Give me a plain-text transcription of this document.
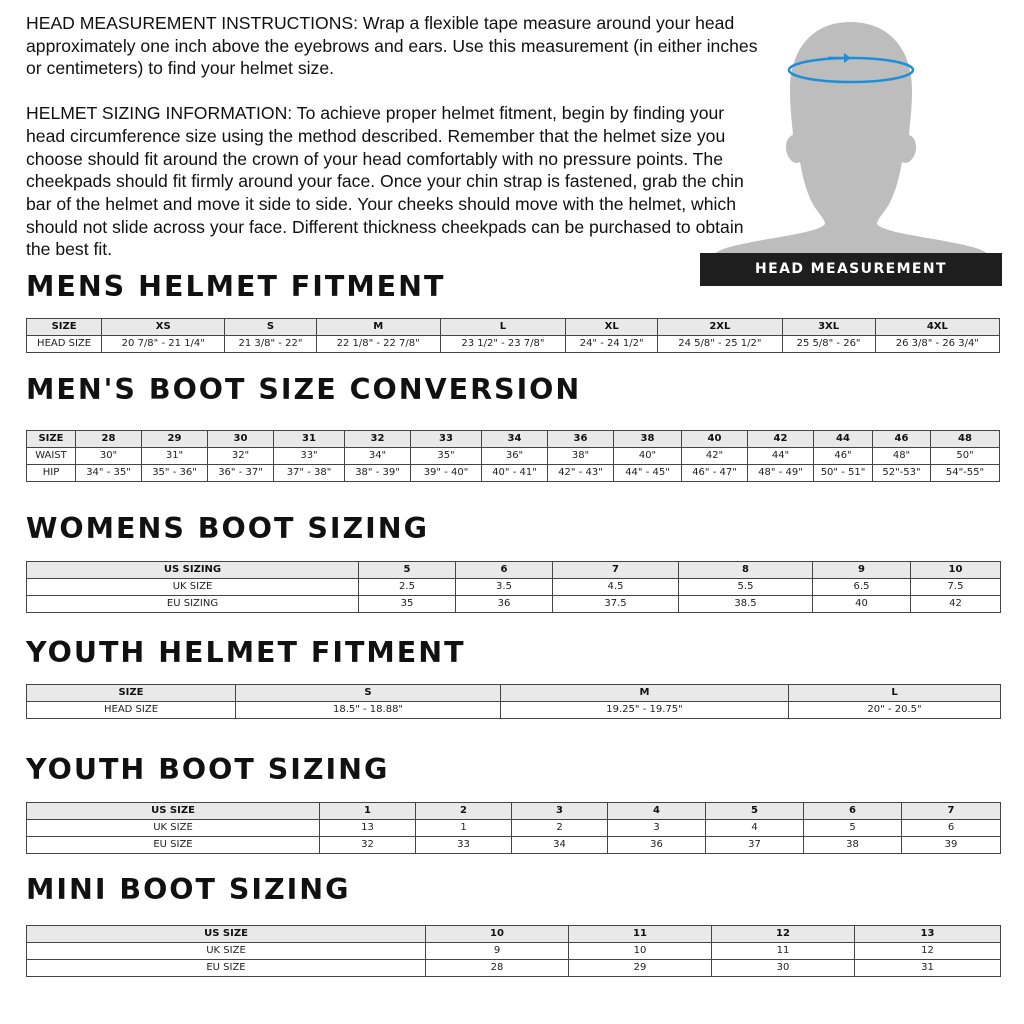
HEAD MEASUREMENT INSTRUCTIONS: Wrap a flexible tape measure around your head approximately one inch above the eyebrows and ears. Use this measurement (in either inches or centimeters) to find your helmet size.

HELMET SIZING INFORMATION: To achieve proper helmet fitment, begin by finding your head circumference size using the method described. Remember that the helmet size you choose should fit around the crown of your head comfortably with no pressure points. The cheekpads should fit firmly around your face. Once your chin strap is fastened, grab the chin bar of the helmet and move it side to side. Your cheeks should move with the helmet, which should not slide across your face. Different thickness cheekpads can be purchased to obtain the best fit.

HEAD MEASUREMENT
MENS HELMET FITMENT
SIZE	XS	S	M	L	XL	2XL	3XL	4XL
HEAD SIZE	20 7/8" - 21 1/4"	21 3/8" - 22"	22 1/8" - 22 7/8"	23 1/2" - 23 7/8"	24" - 24 1/2"	24 5/8" - 25 1/2"	25 5/8" - 26"	26 3/8" - 26 3/4"
MEN'S BOOT SIZE CONVERSION
SIZE	28	29	30	31	32	33	34	36	38	40	42	44	46	48
WAIST	30"	31"	32"	33"	34"	35"	36"	38"	40"	42"	44"	46"	48"	50"
HIP	34" - 35"	35" - 36"	36" - 37"	37" - 38"	38" - 39"	39" - 40"	40" - 41"	42" - 43"	44" - 45"	46" - 47"	48" - 49"	50" - 51"	52"-53"	54"-55"
WOMENS BOOT SIZING
US SIZING	5	6	7	8	9	10
UK SIZE	2.5	3.5	4.5	5.5	6.5	7.5
EU SIZING	35	36	37.5	38.5	40	42
YOUTH HELMET FITMENT
SIZE	S	M	L
HEAD SIZE	18.5" - 18.88"	19.25" - 19.75"	20" - 20.5"
YOUTH BOOT SIZING
US SIZE	1	2	3	4	5	6	7
UK SIZE	13	1	2	3	4	5	6
EU SIZE	32	33	34	36	37	38	39
MINI BOOT SIZING
US SIZE	10	11	12	13
UK SIZE	9	10	11	12
EU SIZE	28	29	30	31
